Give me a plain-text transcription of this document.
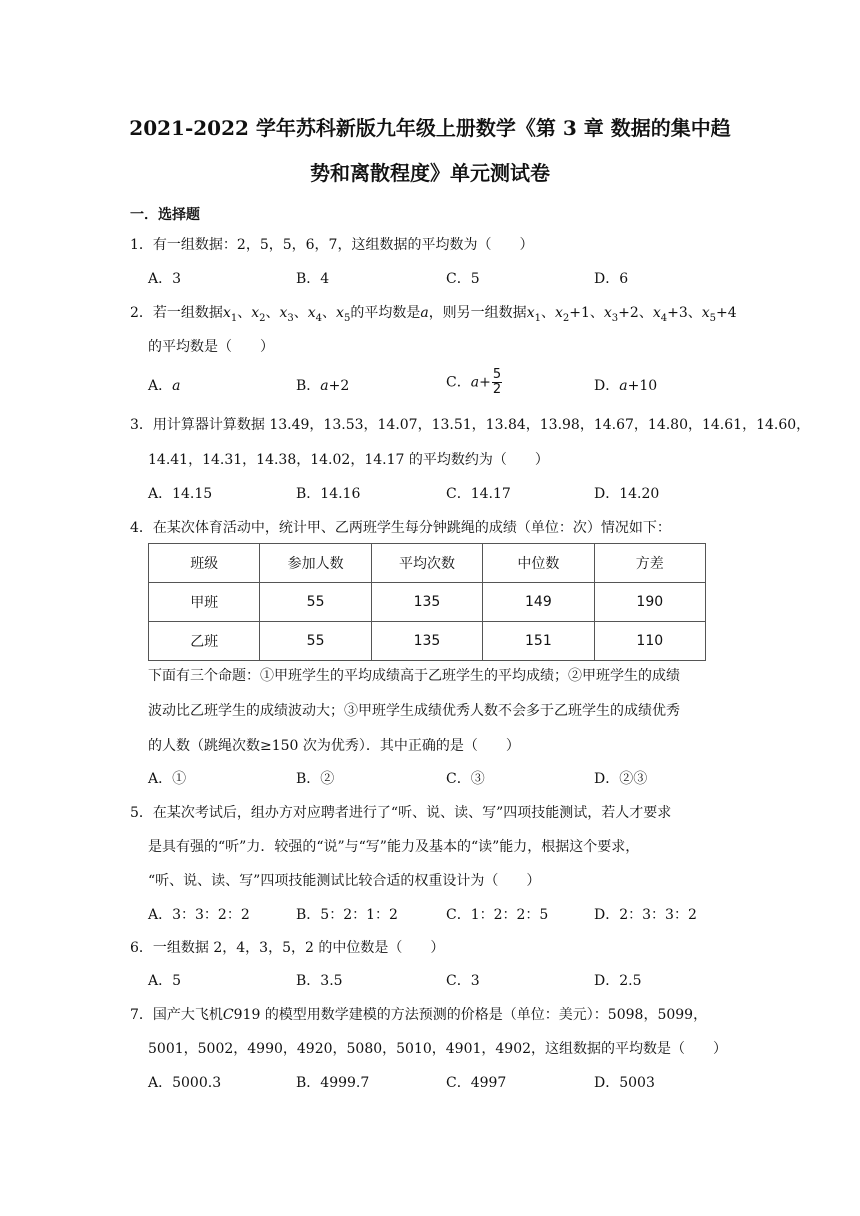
2021-2022 学年苏科新版九年级上册数学《第 3 章 数据的集中趋
势和离散程度》单元测试卷
一．选择题
1．有一组数据：2，5，5，6，7，这组数据的平均数为（　　）
A．3	B．4	C．5	D．6
2．若一组数据$x_1$、$x_2$、$x_3$、$x_4$、$x_5$的平均数是a，则另一组数据$x_1$、$x_2+1$、$x_3+2$、$x_4+3$、$x_5+4$
的平均数是（　　）
A．a	B．a+2	C．$a+ \frac{5}{2}$	D．a+10
3．用计算器计算数据 13.49，13.53，14.07，13.51，13.84，13.98，14.67，14.80，14.61，14.60，
14.41，14.31，14.38，14.02，14.17 的平均数约为（　　）
A．14.15	B．14.16	C．14.17	D．14.20
4．在某次体育活动中，统计甲、乙两班学生每分钟跳绳的成绩（单位：次）情况如下：
班级	参加人数	平均次数	中位数	方差
甲班	55	135	149	190
乙班	55	135	151	110
下面有三个命题：①甲班学生的平均成绩高于乙班学生的平均成绩；②甲班学生的成绩
波动比乙班学生的成绩波动大；③甲班学生成绩优秀人数不会多于乙班学生的成绩优秀
的人数（跳绳次数≥150 次为优秀）．其中正确的是（　　）
A．①	B．②	C．③	D．②③
5．在某次考试后，组办方对应聘者进行了“听、说、读、写”四项技能测试，若人才要求
是具有强的“听”力．较强的“说”与“写”能力及基本的“读”能力，根据这个要求，
“听、说、读、写”四项技能测试比较合适的权重设计为（　　）
A．3：3：2：2	B．5：2：1：2	C．1：2：2：5	D．2：3：3：2
6．一组数据 2，4，3，5，2 的中位数是（　　）
A．5	B．3.5	C．3	D．2.5
7．国产大飞机C919 的模型用数学建模的方法预测的价格是（单位：美元）：5098，5099，
5001，5002，4990，4920，5080，5010，4901，4902，这组数据的平均数是（　　）
A．5000.3	B．4999.7	C．4997	D．5003
